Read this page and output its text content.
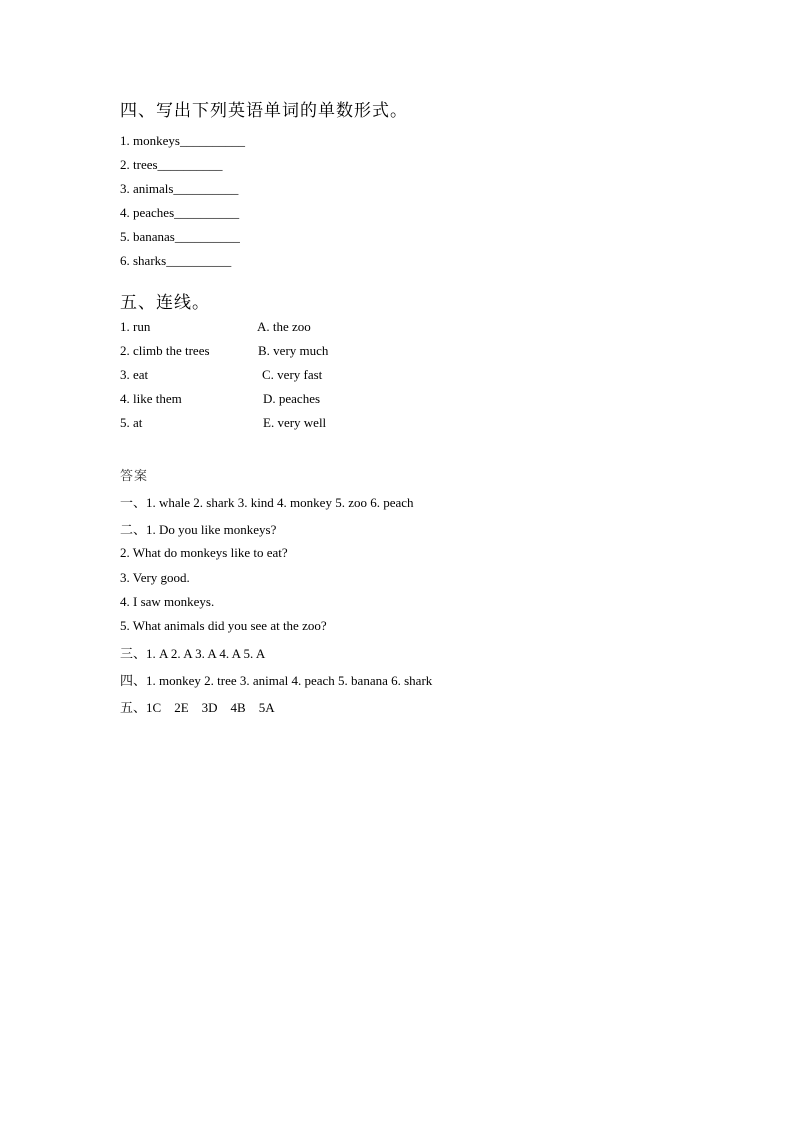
四、写出下列英语单词的单数形式。
1. monkeys__________
2. trees__________
3. animals__________
4. peaches__________
5. bananas__________
6. sharks__________
五、连线。
1. run	A. the zoo
2. climb the trees	B. very much
3. eat	C. very fast
4. like them	D. peaches
5. at	E. very well
答案
一、1. whale 2. shark 3. kind 4. monkey 5. zoo 6. peach
二、1. Do you like monkeys?
2. What do monkeys like to eat?
3. Very good.
4. I saw monkeys.
5. What animals did you see at the zoo?
三、1. A 2. A 3. A 4. A 5. A
四、1. monkey 2. tree 3. animal 4. peach 5. banana 6. shark
五、1C 2E 3D 4B 5A
